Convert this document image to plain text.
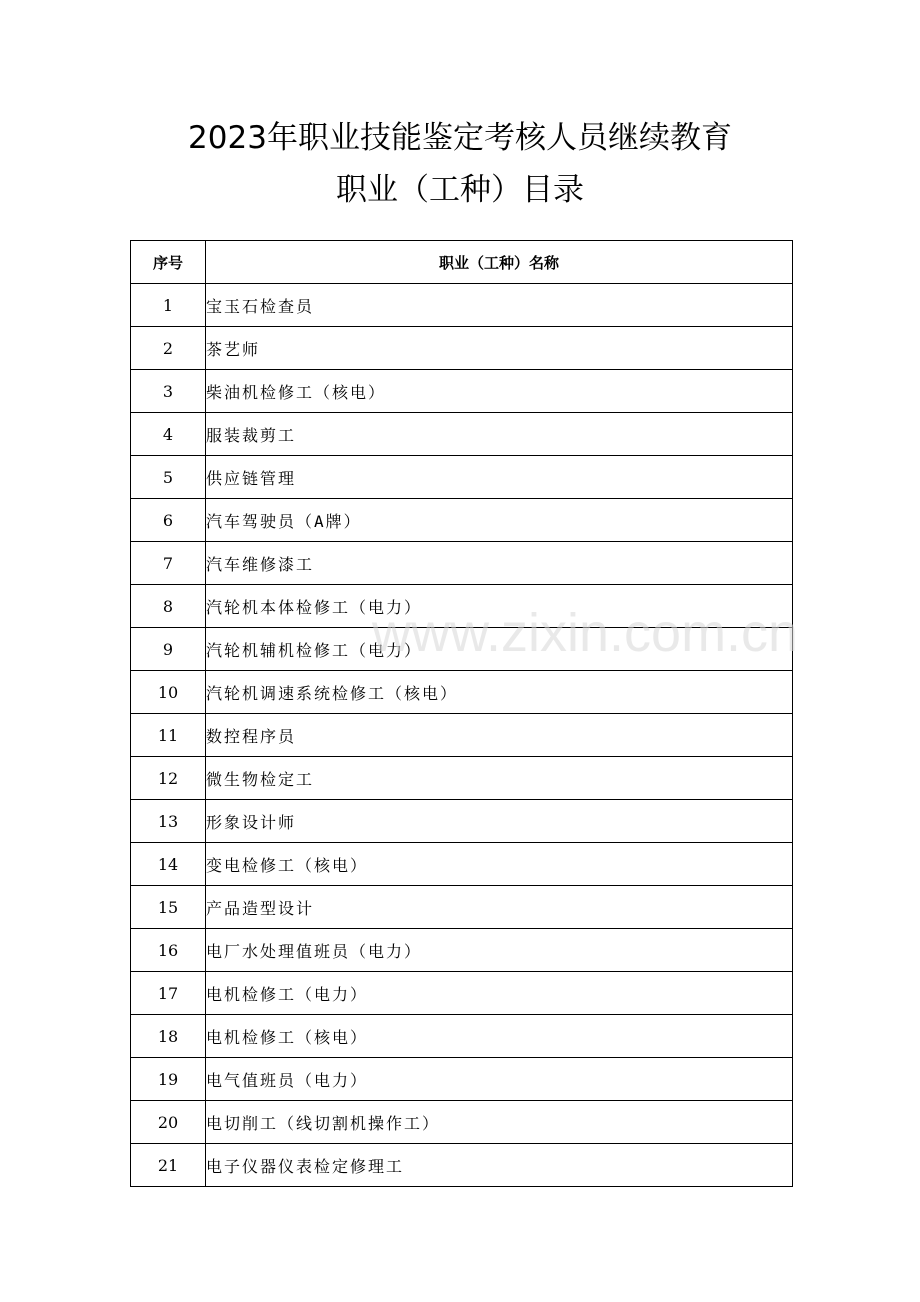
2023年职业技能鉴定考核人员继续教育
职业（工种）目录
序号	职业（工种）名称
1	宝玉石检查员
2	茶艺师
3	柴油机检修工（核电）
4	服装裁剪工
5	供应链管理
6	汽车驾驶员（A牌）
7	汽车维修漆工
8	汽轮机本体检修工（电力）
9	汽轮机辅机检修工（电力）
10	汽轮机调速系统检修工（核电）
11	数控程序员
12	微生物检定工
13	形象设计师
14	变电检修工（核电）
15	产品造型设计
16	电厂水处理值班员（电力）
17	电机检修工（电力）
18	电机检修工（核电）
19	电气值班员（电力）
20	电切削工（线切割机操作工）
21	电子仪器仪表检定修理工
www.zixin.com.cn
